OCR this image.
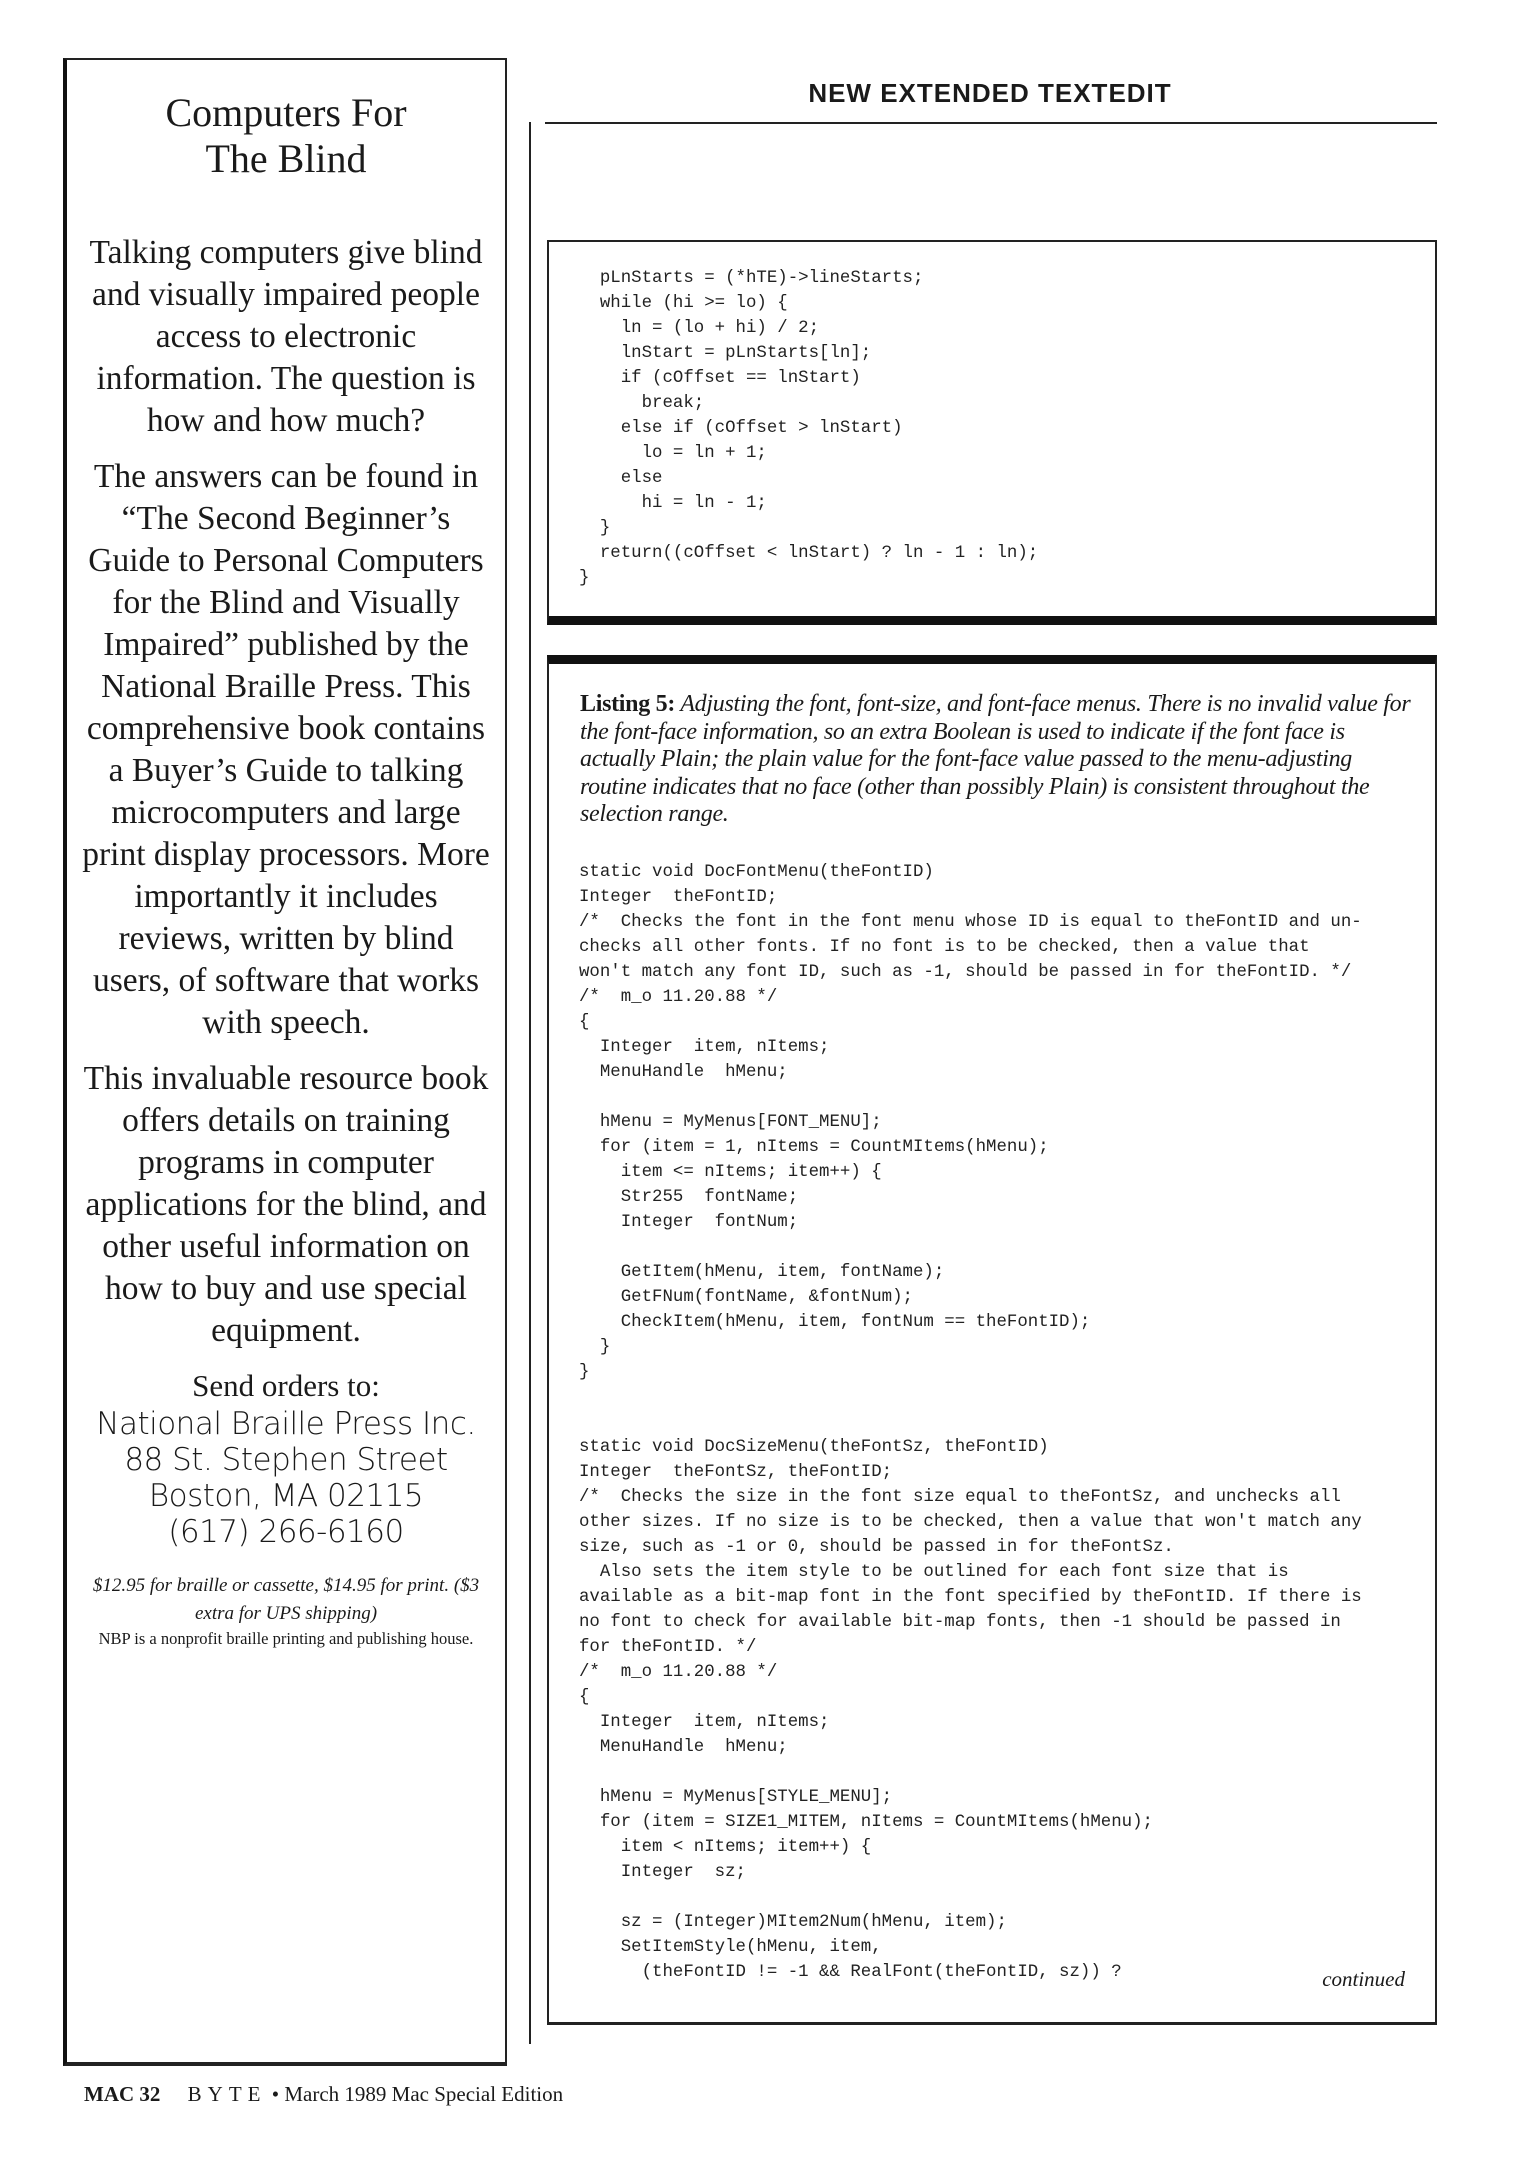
Computers For
The Blind

Talking computers give blind and visually impaired people access to electronic information. The question is how and how much?

The answers can be found in “The Second Beginner’s Guide to Personal Computers for the Blind and Visually Impaired” published by the National Braille Press. This comprehensive book contains a Buyer’s Guide to talking microcomputers and large print display processors. More importantly it includes reviews, written by blind users, of software that works with speech.

This invaluable resource book offers details on training programs in computer applications for the blind, and other useful information on how to buy and use special equipment.

Send orders to:
National Braille Press Inc.
88 St. Stephen Street
Boston, MA 02115
(617) 266-6160
$12.95 for braille or cassette, $14.95 for print. ($3 extra for UPS shipping)
NBP is a nonprofit braille printing and publishing house.
NEW EXTENDED TEXTEDIT
pLnStarts = (*hTE)->lineStarts;
while (hi >= lo) {
ln = (lo + hi) / 2;
lnStart = pLnStarts[ln];
if (cOffset == lnStart)
break;
else if (cOffset > lnStart)
lo = ln + 1;
else
hi = ln - 1;
}
return((cOffset < lnStart) ? ln - 1 : ln);
}
Listing 5: Adjusting the font, font-size, and font-face menus. There is no invalid value for the font-face information, so an extra Boolean is used to indicate if the font face is actually Plain; the plain value for the font-face value passed to the menu-adjusting routine indicates that no face (other than possibly Plain) is consistent throughout the selection range.
static void DocFontMenu(theFontID)
Integer  theFontID;
/*  Checks the font in the font menu whose ID is equal to theFontID and un-
checks all other fonts. If no font is to be checked, then a value that
won't match any font ID, such as -1, should be passed in for theFontID. */
/*  m_o 11.20.88 */
{
Integer  item, nItems;
MenuHandle  hMenu;

hMenu = MyMenus[FONT_MENU];
for (item = 1, nItems = CountMItems(hMenu);
item <= nItems; item++) {
Str255  fontName;
Integer  fontNum;

GetItem(hMenu, item, fontName);
GetFNum(fontName, &fontNum);
CheckItem(hMenu, item, fontNum == theFontID);
}
}

static void DocSizeMenu(theFontSz, theFontID)
Integer  theFontSz, theFontID;
/*  Checks the size in the font size equal to theFontSz, and unchecks all
other sizes. If no size is to be checked, then a value that won't match any
size, such as -1 or 0, should be passed in for theFontSz.
Also sets the item style to be outlined for each font size that is
available as a bit-map font in the font specified by theFontID. If there is
no font to check for available bit-map fonts, then -1 should be passed in
for theFontID. */
/*  m_o 11.20.88 */
{
Integer  item, nItems;
MenuHandle  hMenu;

hMenu = MyMenus[STYLE_MENU];
for (item = SIZE1_MITEM, nItems = CountMItems(hMenu);
item < nItems; item++) {
Integer  sz;

sz = (Integer)MItem2Num(hMenu, item);
SetItemStyle(hMenu, item,
(theFontID != -1 && RealFont(theFontID, sz)) ?	continued
MAC 32 BYTE • March 1989 Mac Special Edition
